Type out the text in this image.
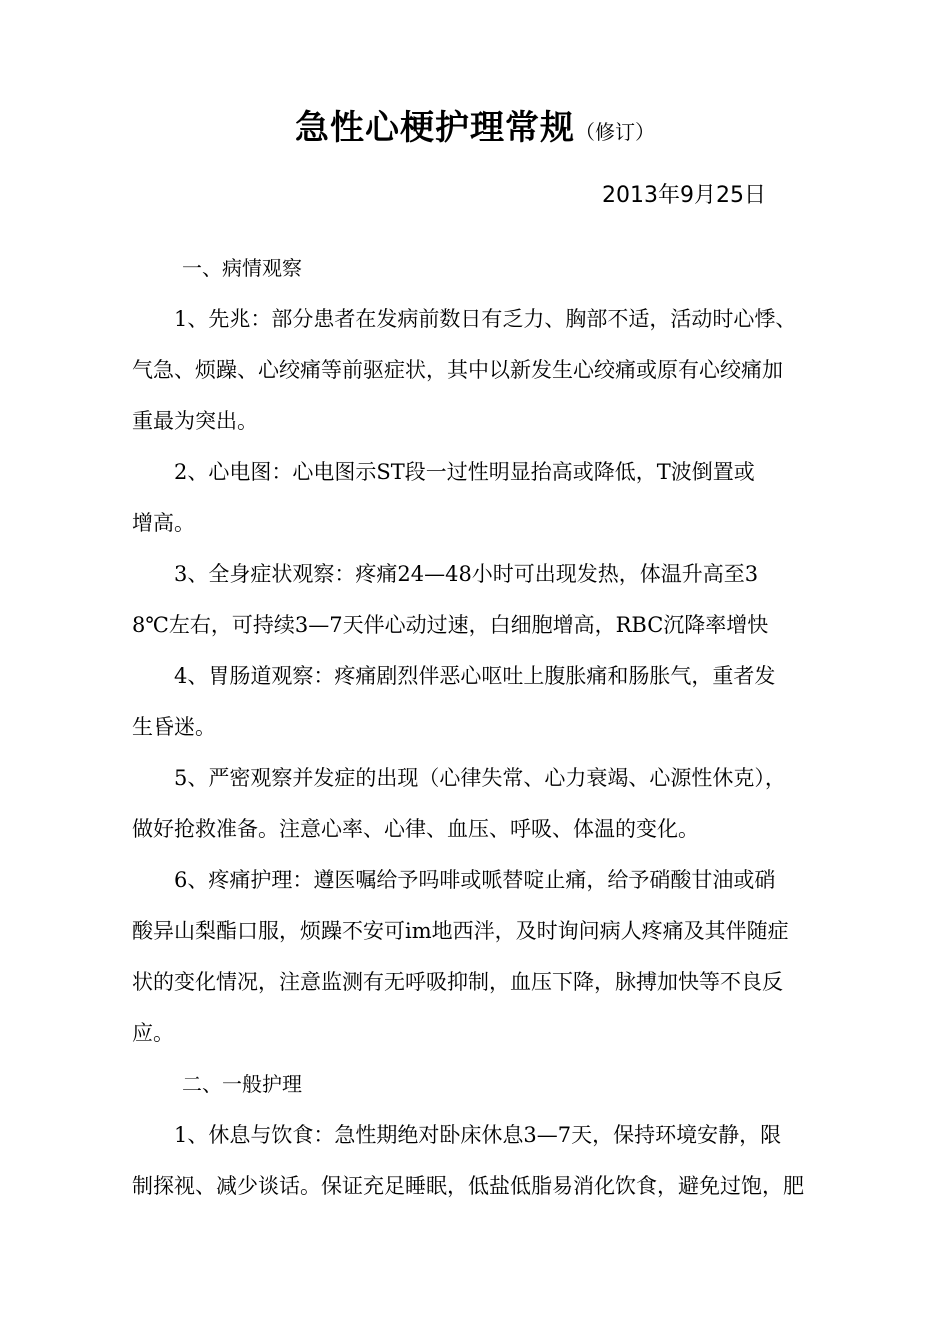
急性心梗护理常规（修订）
2013年9月25日
一、病情观察
1、先兆：部分患者在发病前数日有乏力、胸部不适，活动时心悸、
气急、烦躁、心绞痛等前驱症状，其中以新发生心绞痛或原有心绞痛加
重最为突出。
2、心电图：心电图示ST段一过性明显抬高或降低，T波倒置或
增高。
3、全身症状观察：疼痛24—48小时可出现发热，体温升高至3
8℃左右，可持续3—7天伴心动过速，白细胞增高，RBC沉降率增快
4、胃肠道观察：疼痛剧烈伴恶心呕吐上腹胀痛和肠胀气，重者发
生昏迷。
5、严密观察并发症的出现（心律失常、心力衰竭、心源性休克），
做好抢救准备。注意心率、心律、血压、呼吸、体温的变化。
6、疼痛护理：遵医嘱给予吗啡或哌替啶止痛，给予硝酸甘油或硝
酸异山梨酯口服，烦躁不安可im地西泮，及时询问病人疼痛及其伴随症
状的变化情况，注意监测有无呼吸抑制，血压下降，脉搏加快等不良反
应。
二、一般护理
1、休息与饮食：急性期绝对卧床休息3—7天，保持环境安静，限
制探视、减少谈话。保证充足睡眠，低盐低脂易消化饮食，避免过饱，肥
